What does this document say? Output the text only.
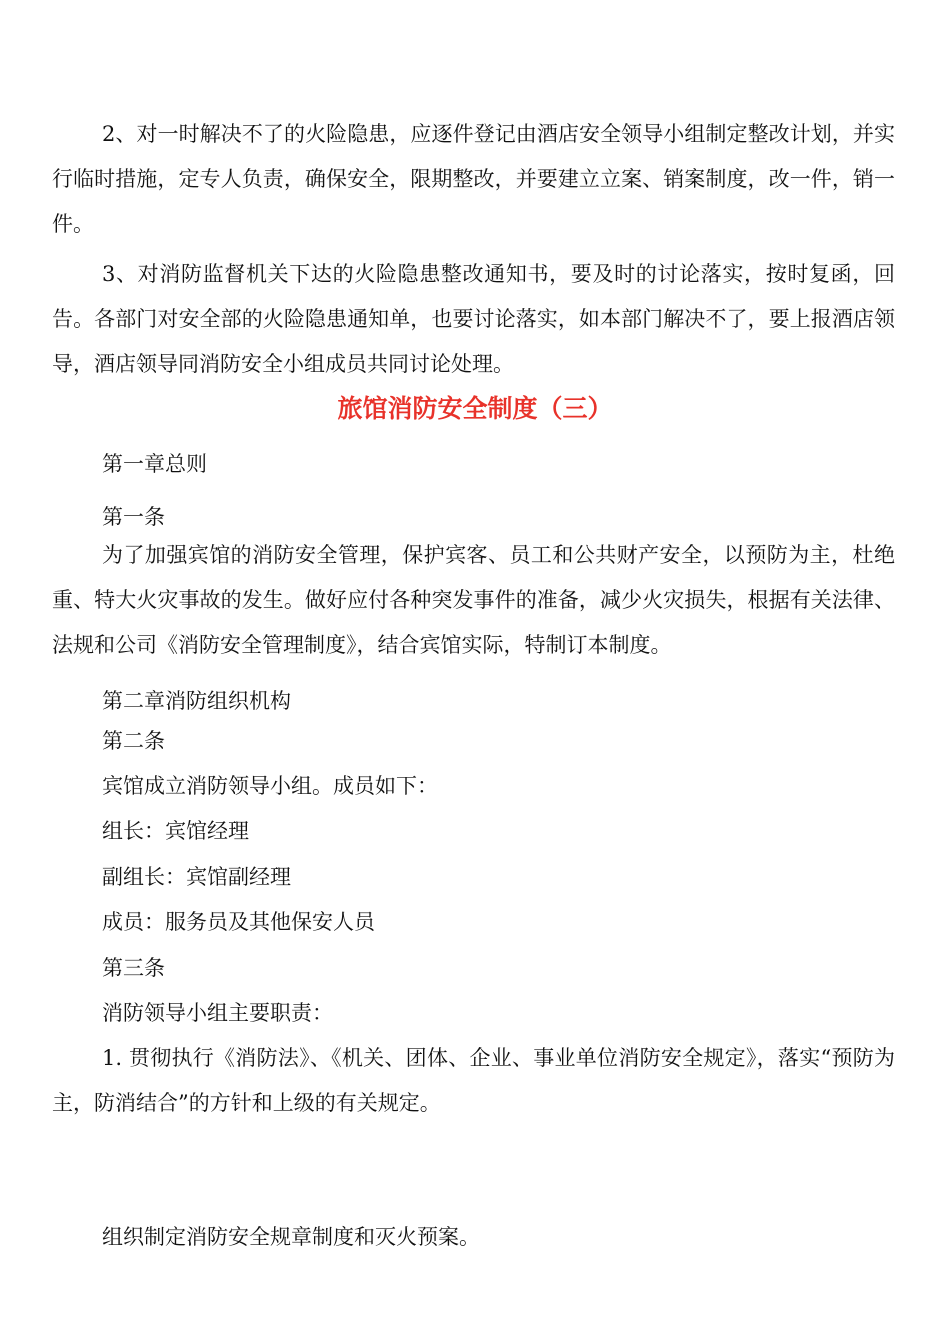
2、对一时解决不了的火险隐患，应逐件登记由酒店安全领导小组制定整改计划，并实行临时措施，定专人负责，确保安全，限期整改，并要建立立案、销案制度，改一件，销一件。

3、对消防监督机关下达的火险隐患整改通知书，要及时的讨论落实，按时复函，回告。各部门对安全部的火险隐患通知单，也要讨论落实，如本部门解决不了，要上报酒店领导，酒店领导同消防安全小组成员共同讨论处理。

旅馆消防安全制度（三）

第一章总则

第一条

为了加强宾馆的消防安全管理，保护宾客、员工和公共财产安全，以预防为主，杜绝重、特大火灾事故的发生。做好应付各种突发事件的准备，减少火灾损失，根据有关法律、法规和公司《消防安全管理制度》，结合宾馆实际，特制订本制度。

第二章消防组织机构

第二条

宾馆成立消防领导小组。成员如下：

组长：宾馆经理

副组长：宾馆副经理

成员：服务员及其他保安人员

第三条

消防领导小组主要职责：

1. 贯彻执行《消防法》、《机关、团体、企业、事业单位消防安全规定》，落实“预防为主，防消结合”的方针和上级的有关规定。

组织制定消防安全规章制度和灭火预案。
